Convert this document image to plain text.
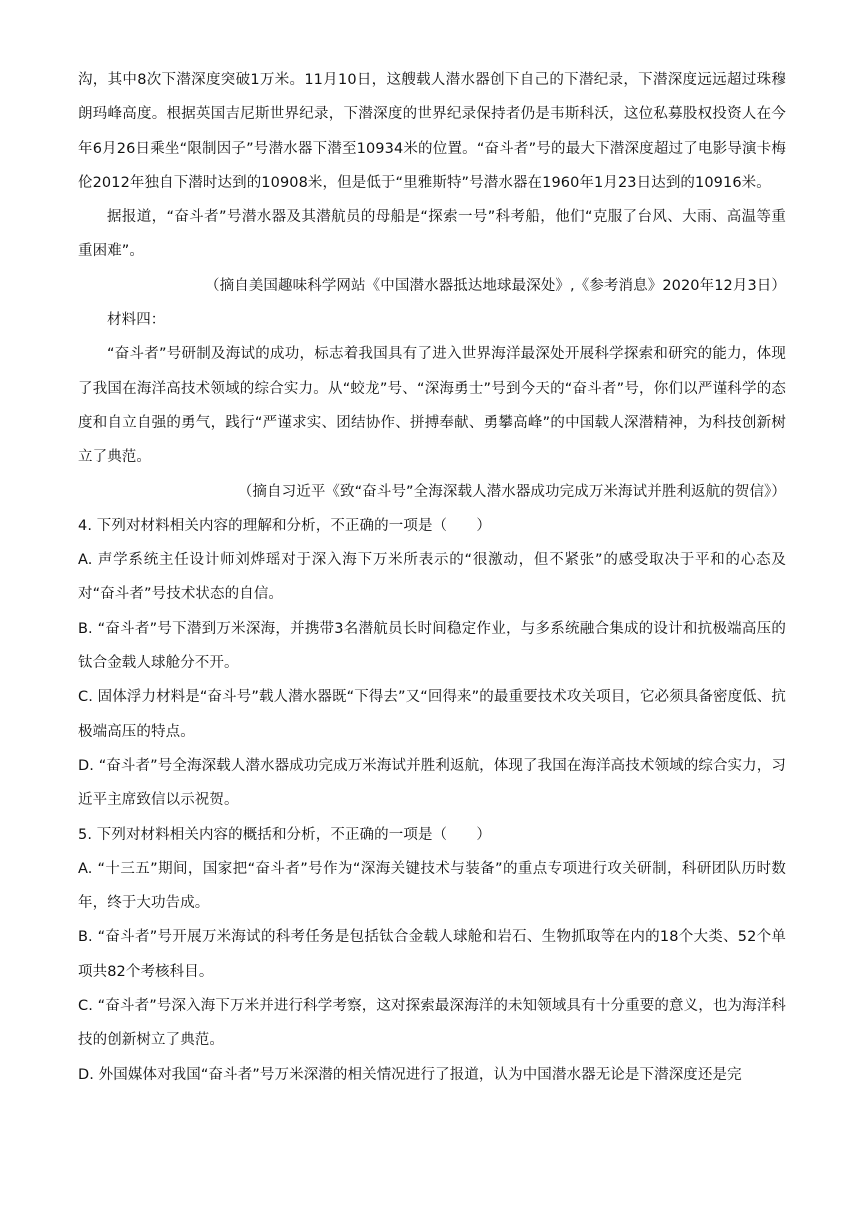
沟，其中8次下潜深度突破1万米。11月10日，这艘载人潜水器创下自己的下潜纪录，下潜深度远远超过珠穆朗玛峰高度。根据英国吉尼斯世界纪录，下潜深度的世界纪录保持者仍是韦斯科沃，这位私募股权投资人在今年6月26日乘坐“限制因子”号潜水器下潜至10934米的位置。“奋斗者”号的最大下潜深度超过了电影导演卡梅伦2012年独自下潜时达到的10908米，但是低于“里雅斯特”号潜水器在1960年1月23日达到的10916米。

据报道，“奋斗者”号潜水器及其潜航员的母船是“探索一号”科考船，他们“克服了台风、大雨、高温等重重困难”。

（摘自美国趣味科学网站《中国潜水器抵达地球最深处》,《参考消息》2020年12月3日）

材料四：

“奋斗者”号研制及海试的成功，标志着我国具有了进入世界海洋最深处开展科学探索和研究的能力，体现了我国在海洋高技术领域的综合实力。从“蛟龙”号、“深海勇士”号到今天的“奋斗者”号，你们以严谨科学的态度和自立自强的勇气，践行“严谨求实、团结协作、拼搏奉献、勇攀高峰”的中国载人深潜精神，为科技创新树立了典范。

（摘自习近平《致“奋斗号”全海深载人潜水器成功完成万米海试并胜利返航的贺信》）

4. 下列对材料相关内容的理解和分析，不正确的一项是（　　）

A. 声学系统主任设计师刘烨瑶对于深入海下万米所表示的“很激动，但不紧张”的感受取决于平和的心态及对“奋斗者”号技术状态的自信。

B. “奋斗者”号下潜到万米深海，并携带3名潜航员长时间稳定作业，与多系统融合集成的设计和抗极端高压的钛合金载人球舱分不开。

C. 固体浮力材料是“奋斗号”载人潜水器既“下得去”又“回得来”的最重要技术攻关项目，它必须具备密度低、抗极端高压的特点。

D. “奋斗者”号全海深载人潜水器成功完成万米海试并胜利返航，体现了我国在海洋高技术领域的综合实力，习近平主席致信以示祝贺。

5. 下列对材料相关内容的概括和分析，不正确的一项是（　　）

A. “十三五”期间，国家把“奋斗者”号作为“深海关键技术与装备”的重点专项进行攻关研制，科研团队历时数年，终于大功告成。

B. “奋斗者”号开展万米海试的科考任务是包括钛合金载人球舱和岩石、生物抓取等在内的18个大类、52个单项共82个考核科目。

C. “奋斗者”号深入海下万米并进行科学考察，这对探索最深海洋的未知领域具有十分重要的意义，也为海洋科技的创新树立了典范。

D. 外国媒体对我国“奋斗者”号万米深潜的相关情况进行了报道，认为中国潜水器无论是下潜深度还是完
